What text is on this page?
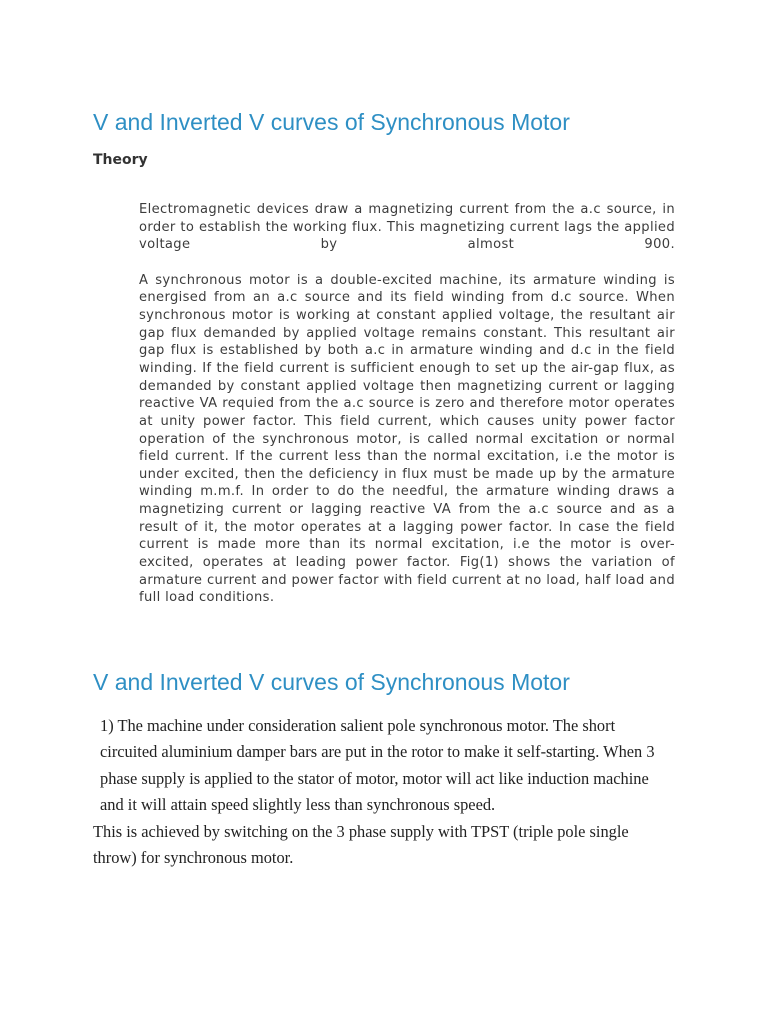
V and Inverted V curves of Synchronous Motor
Theory

Electromagnetic devices draw a magnetizing current from the a.c source, in order to establish the working flux. This magnetizing current lags the applied voltage by almost 900.

A synchronous motor is a double-excited machine, its armature winding is energised from an a.c source and its field winding from d.c source. When synchronous motor is working at constant applied voltage, the resultant air gap flux demanded by applied voltage remains constant. This resultant air gap flux is established by both a.c in armature winding and d.c in the field winding. If the field current is sufficient enough to set up the air-gap flux, as demanded by constant applied voltage then magnetizing current or lagging reactive VA requied from the a.c source is zero and therefore motor operates at unity power factor. This field current, which causes unity power factor operation of the synchronous motor, is called normal excitation or normal field current. If the current less than the normal excitation, i.e the motor is under excited, then the deficiency in flux must be made up by the armature winding m.m.f. In order to do the needful, the armature winding draws a magnetizing current or lagging reactive VA from the a.c source and as a result of it, the motor operates at a lagging power factor. In case the field current is made more than its normal excitation, i.e the motor is over-excited, operates at leading power factor. Fig(1) shows the variation of armature current and power factor with field current at no load, half load and full load conditions.

V and Inverted V curves of Synchronous Motor

1) The machine under consideration salient pole synchronous motor. The short circuited aluminium damper bars are put in the rotor to make it self-starting. When 3 phase supply is applied to the stator of motor, motor will act like induction machine and it will attain speed slightly less than synchronous speed.

This is achieved by switching on the 3 phase supply with TPST (triple pole single throw) for synchronous motor.
